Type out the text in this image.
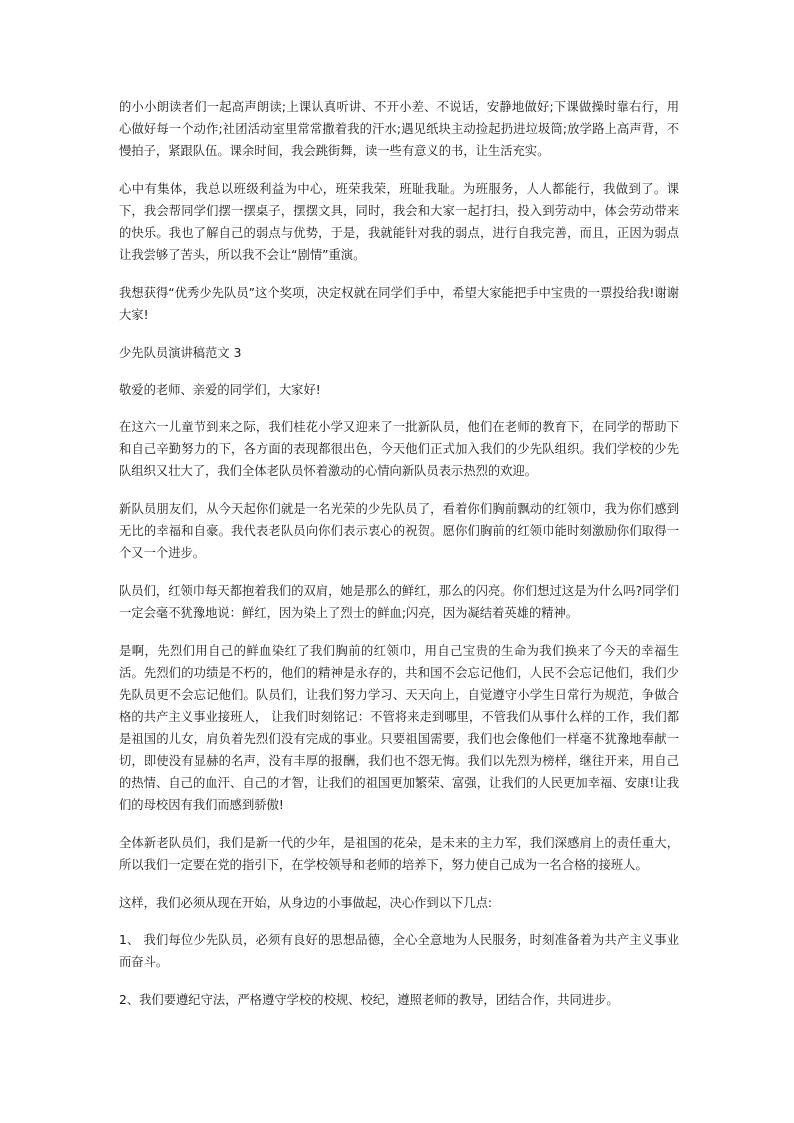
的小小朗读者们一起高声朗读;上课认真听讲、不开小差、不说话，安静地做好;下课做操时靠右行，用心做好每一个动作;社团活动室里常常撒着我的汗水;遇见纸块主动捡起扔进垃圾筒;放学路上高声背，不慢拍子，紧跟队伍。课余时间，我会跳街舞，读一些有意义的书，让生活充实。

心中有集体，我总以班级利益为中心，班荣我荣，班耻我耻。为班服务，人人都能行，我做到了。课下，我会帮同学们摆一摆桌子，摆摆文具，同时，我会和大家一起打扫，投入到劳动中，体会劳动带来的快乐。我也了解自己的弱点与优势，于是，我就能针对我的弱点，进行自我完善，而且，正因为弱点让我尝够了苦头，所以我不会让“剧情”重演。

我想获得“优秀少先队员”这个奖项，决定权就在同学们手中，希望大家能把手中宝贵的一票投给我!谢谢大家!

少先队员演讲稿范文 3

敬爱的老师、亲爱的同学们，大家好!

在这六一儿童节到来之际，我们桂花小学又迎来了一批新队员，他们在老师的教育下，在同学的帮助下和自己辛勤努力的下，各方面的表现都很出色，今天他们正式加入我们的少先队组织。我们学校的少先队组织又壮大了，我们全体老队员怀着激动的心情向新队员表示热烈的欢迎。

新队员朋友们，从今天起你们就是一名光荣的少先队员了，看着你们胸前飘动的红领巾，我为你们感到无比的幸福和自豪。我代表老队员向你们表示衷心的祝贺。愿你们胸前的红领巾能时刻激励你们取得一个又一个进步。

队员们，红领巾每天都抱着我们的双肩，她是那么的鲜红，那么的闪亮。你们想过这是为什么吗?同学们一定会毫不犹豫地说：鲜红，因为染上了烈士的鲜血;闪亮，因为凝结着英雄的精神。

是啊，先烈们用自己的鲜血染红了我们胸前的红领巾，用自己宝贵的生命为我们换来了今天的幸福生活。先烈们的功绩是不朽的，他们的精神是永存的，共和国不会忘记他们，人民不会忘记他们，我们少先队员更不会忘记他们。队员们，让我们努力学习、天天向上，自觉遵守小学生日常行为规范，争做合格的共产主义事业接班人， 让我们时刻铭记：不管将来走到哪里，不管我们从事什么样的工作，我们都是祖国的儿女，肩负着先烈们没有完成的事业。只要祖国需要，我们也会像他们一样毫不犹豫地奉献一切，即使没有显赫的名声，没有丰厚的报酬，我们也不怨无悔。我们以先烈为榜样，继往开来，用自己的热情、自己的血汗、自己的才智，让我们的祖国更加繁荣、富强，让我们的人民更加幸福、安康!让我们的母校因有我们而感到骄傲!

全体新老队员们，我们是新一代的少年，是祖国的花朵，是未来的主力军，我们深感肩上的责任重大，所以我们一定要在党的指引下，在学校领导和老师的培养下，努力使自己成为一名合格的接班人。

这样，我们必须从现在开始，从身边的小事做起，决心作到以下几点:

1、 我们每位少先队员，必须有良好的思想品德，全心全意地为人民服务，时刻准备着为共产主义事业而奋斗。

2、我们要遵纪守法，严格遵守学校的校规、校纪，遵照老师的教导，团结合作，共同进步。
